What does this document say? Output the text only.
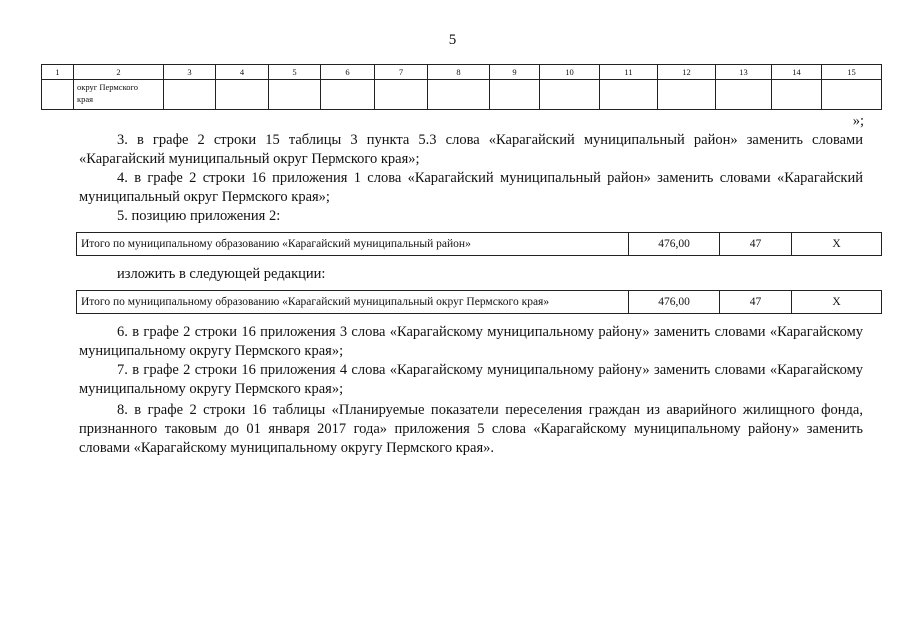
5
1	2	3	4	5	6	7	8	9	10	11	12	13	14	15

	округ Пермского
края													

»;

3. в графе 2 строки 15 таблицы 3 пункта 5.3 слова «Карагайский муниципальный район» заменить словами «Карагайский муниципальный округ Пермского края»;

4. в графе 2 строки 16 приложения 1 слова «Карагайский муниципальный район» заменить словами «Карагайский муниципальный округ Пермского края»;

5. позицию приложения 2:

Итого по муниципальному образованию «Карагайский муниципальный район»	476,00	47	X

изложить в следующей редакции:

Итого по муниципальному образованию «Карагайский муниципальный округ Пермского края»	476,00	47	X

6. в графе 2 строки 16 приложения 3 слова «Карагайскому муниципальному району» заменить словами «Карагайскому муниципальному округу Пермского края»;

7. в графе 2 строки 16 приложения 4 слова «Карагайскому муниципальному району» заменить словами «Карагайскому муниципальному округу Пермского края»;

8. в графе 2 строки 16 таблицы «Планируемые показатели переселения граждан из аварийного жилищного фонда, признанного таковым до 01 января 2017 года» приложения 5 слова «Карагайскому муниципальному району» заменить словами «Карагайскому муниципальному округу Пермского края».
